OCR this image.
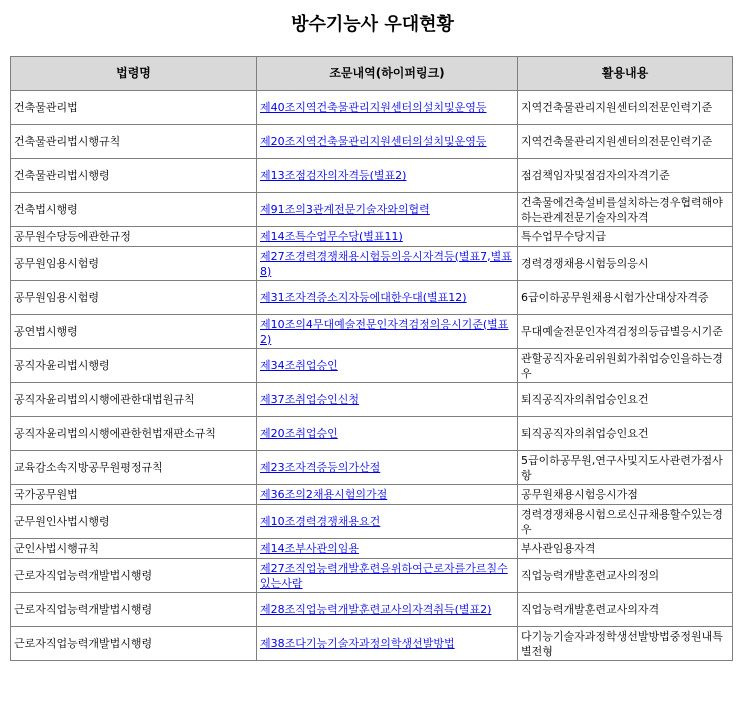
방수기능사 우대현황
법령명	조문내역(하이퍼링크)	활용내용
건축물관리법	제40조지역건축물관리지원센터의설치및운영등	지역건축물관리지원센터의전문인력기준
건축물관리법시행규칙	제20조지역건축물관리지원센터의설치및운영등	지역건축물관리지원센터의전문인력기준
건축물관리법시행령	제13조점검자의자격등(별표2)	점검책임자및점검자의자격기준
건축법시행령	제91조의3관계전문기술자와의협력	건축물에건축설비를설치하는경우협력해야하는관계전문기술자의자격
공무원수당등에관한규정	제14조특수업무수당(별표11)	특수업무수당지급
공무원임용시험령	제27조경력경쟁채용시험등의응시자격등(별표7,별표8)	경력경쟁채용시험등의응시
공무원임용시험령	제31조자격증소지자등에대한우대(별표12)	6급이하공무원채용시험가산대상자격증
공연법시행령	제10조의4무대예술전문인자격검정의응시기준(별표2)	무대예술전문인자격검정의등급별응시기준
공직자윤리법시행령	제34조취업승인	관할공직자윤리위원회가취업승인을하는경우
공직자윤리법의시행에관한대법원규칙	제37조취업승인신청	퇴직공직자의취업승인요건
공직자윤리법의시행에관한헌법재판소규칙	제20조취업승인	퇴직공직자의취업승인요건
교육감소속지방공무원평정규칙	제23조자격증등의가산점	5급이하공무원,연구사및지도사관련가점사항
국가공무원법	제36조의2채용시험의가점	공무원채용시험응시가점
군무원인사법시행령	제10조경력경쟁채용요건	경력경쟁채용시험으로신규채용할수있는경우
군인사법시행규칙	제14조부사관의임용	부사관임용자격
근로자직업능력개발법시행령	제27조직업능력개발훈련을위하여근로자를가르칠수있는사람	직업능력개발훈련교사의정의
근로자직업능력개발법시행령	제28조직업능력개발훈련교사의자격취득(별표2)	직업능력개발훈련교사의자격
근로자직업능력개발법시행령	제38조다기능기술자과정의학생선발방법	다기능기술자과정학생선발방법중정원내특별전형
